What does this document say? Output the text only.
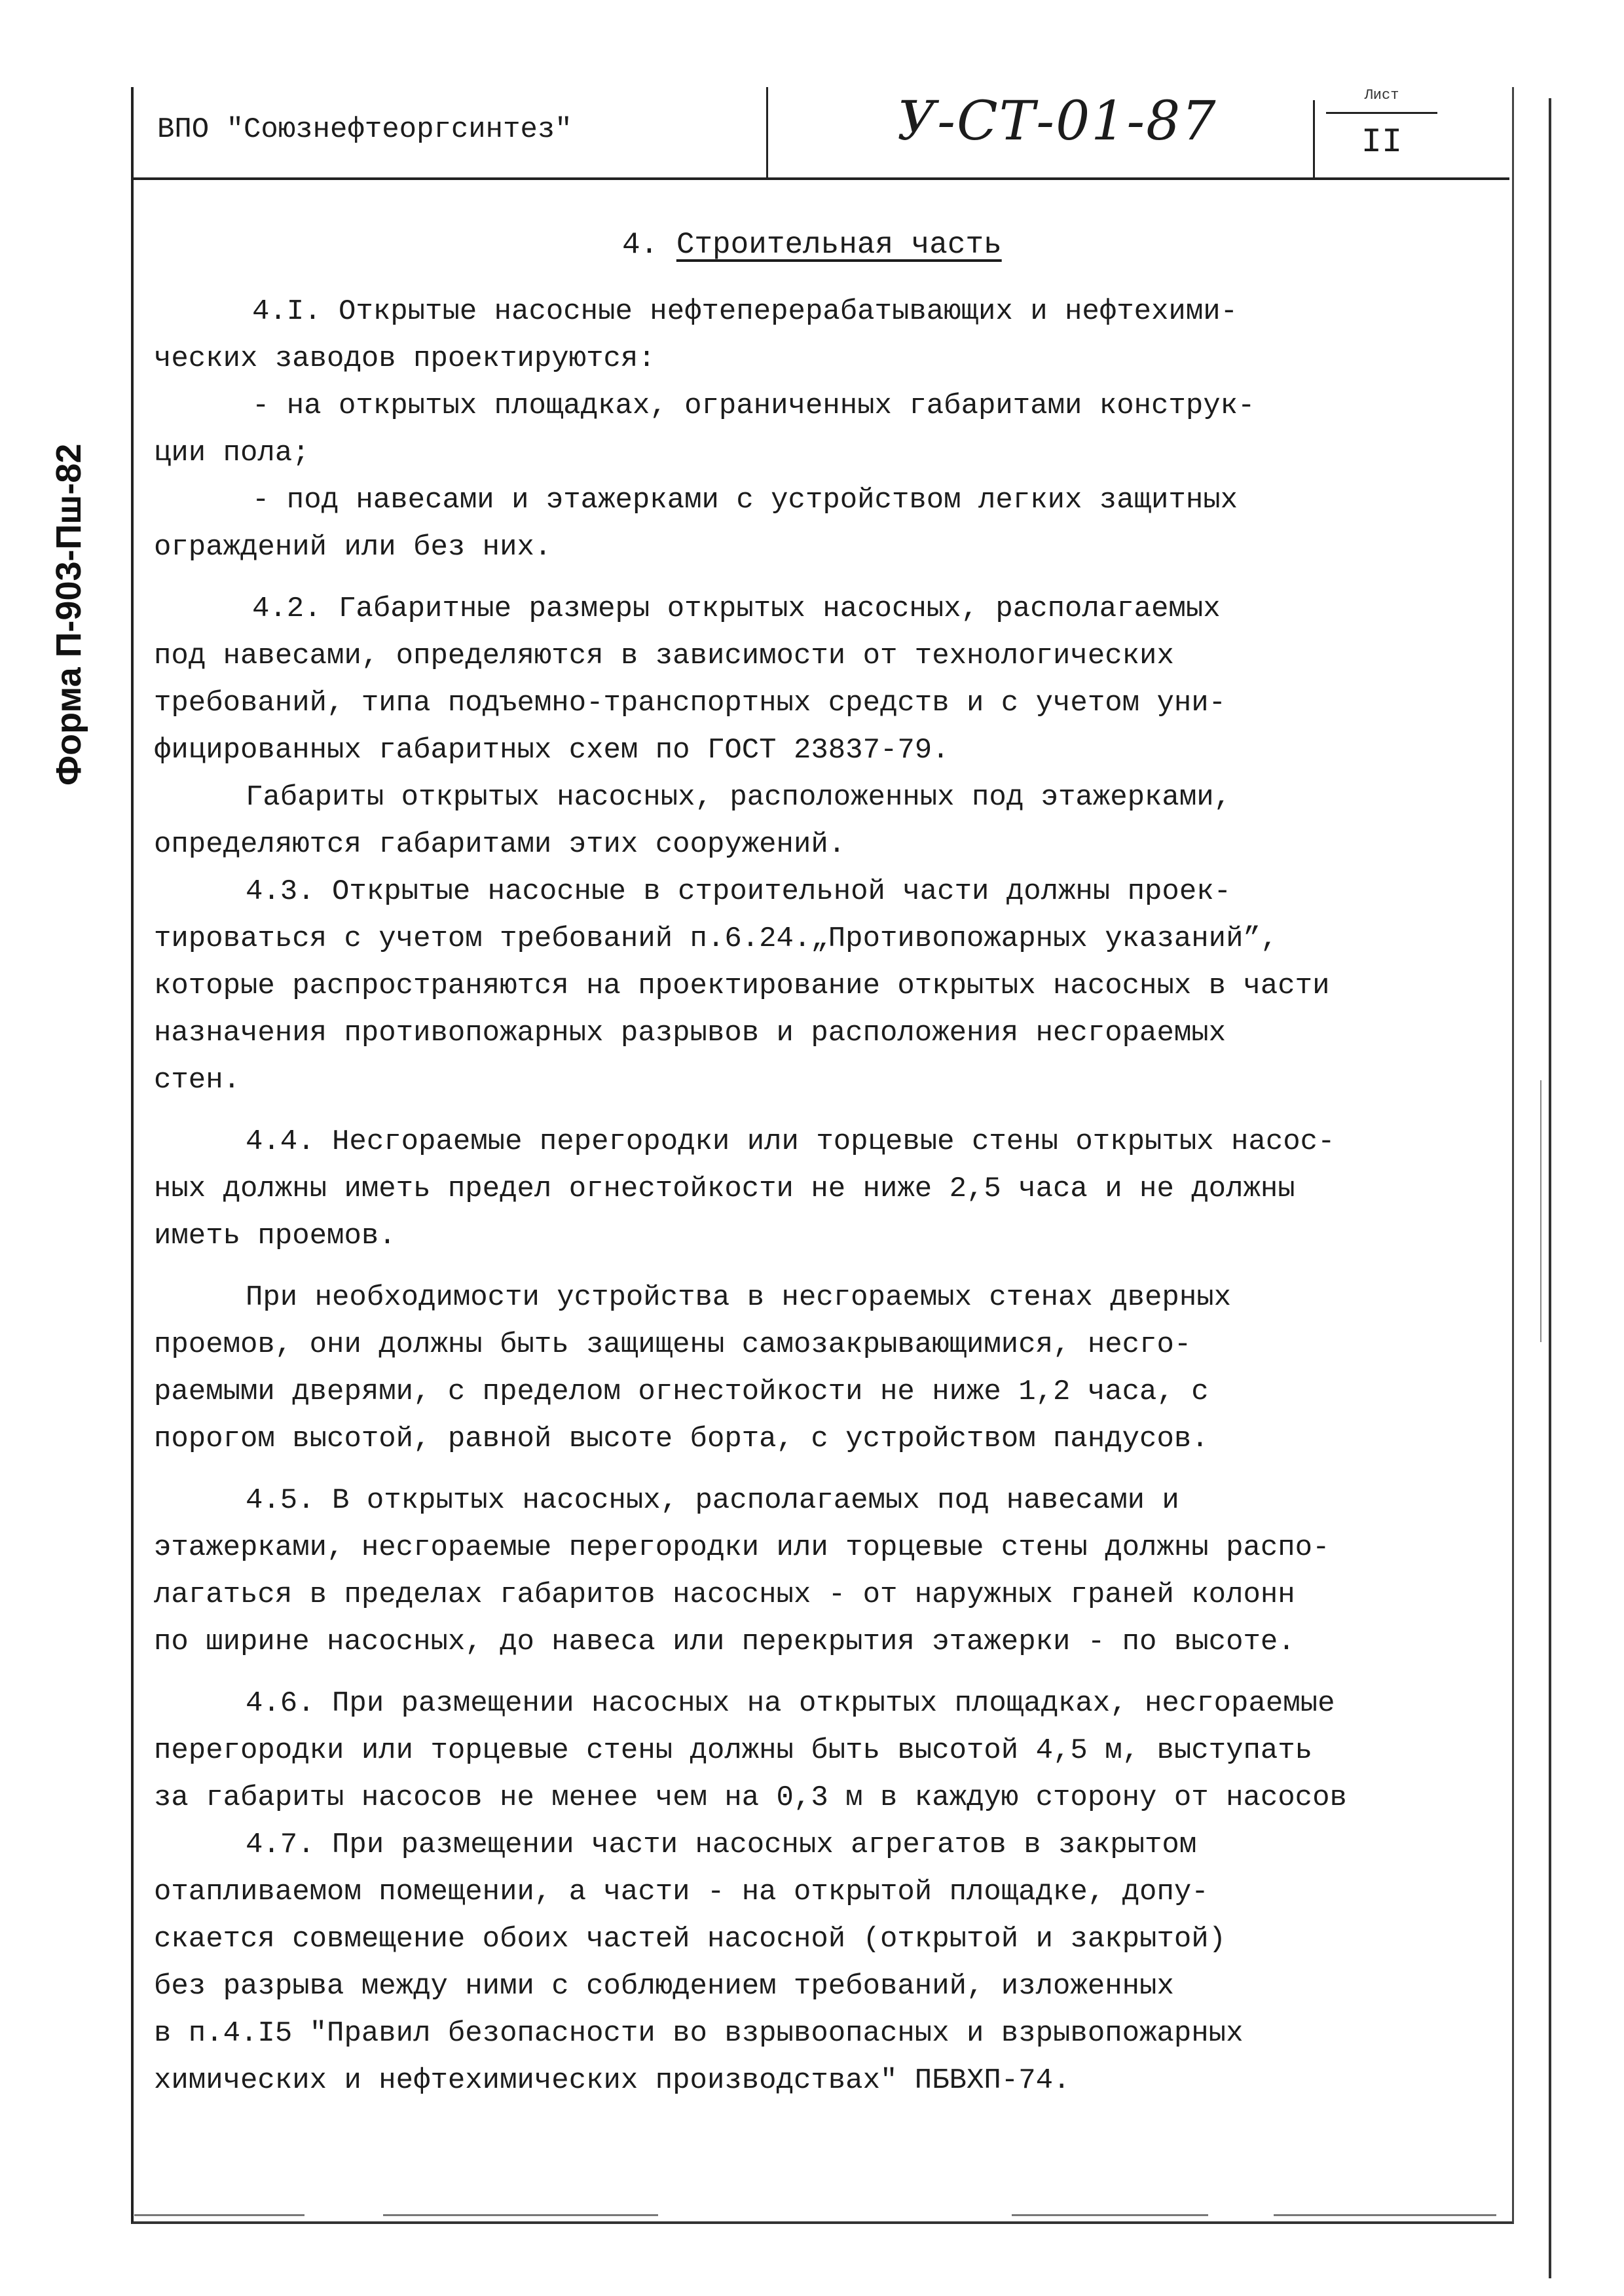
Форма П-903-Пш-82
ВПО "Союзнефтеоргсинтез"	У-СТ-01-87	Лист
II
4. Строительная часть
4.I. Открытые насосные нефтеперерабатывающих и нефтехими-
ческих заводов проектируются:
- на открытых площадках, ограниченных габаритами конструк-
ции пола;
- под навесами и этажерками с устройством легких защитных
ограждений или без них.
4.2. Габаритные размеры открытых насосных, располагаемых
под навесами, определяются в зависимости от технологических
требований, типа подъемно-транспортных средств и с учетом уни-
фицированных габаритных схем по ГОСТ 23837-79.
Габариты открытых насосных, расположенных под этажерками,
определяются габаритами этих сооружений.
4.3. Открытые насосные в строительной части должны проек-
тироваться с учетом требований п.6.24.„Противопожарных указаний”,
которые распространяются на проектирование открытых насосных в части
назначения противопожарных разрывов и расположения несгораемых
стен.
4.4. Несгораемые перегородки или торцевые стены открытых насос-
ных должны иметь предел огнестойкости не ниже 2,5 часа и не должны
иметь проемов.
При необходимости устройства в несгораемых стенах дверных
проемов, они должны быть защищены самозакрывающимися, несго-
раемыми дверями, с пределом огнестойкости не ниже 1,2 часа, с
порогом высотой, равной высоте борта, с устройством пандусов.
4.5. В открытых насосных, располагаемых под навесами и
этажерками, несгораемые перегородки или торцевые стены должны распо-
лагаться в пределах габаритов насосных - от наружных граней колонн
по ширине насосных, до навеса или перекрытия этажерки - по высоте.
4.6. При размещении насосных на открытых площадках, несгораемые
перегородки или торцевые стены должны быть высотой 4,5 м, выступать
за габариты насосов не менее чем на 0,3 м в каждую сторону от насосов
4.7. При размещении части насосных агрегатов в закрытом
отапливаемом помещении, а части - на открытой площадке, допу-
скается совмещение обоих частей насосной (открытой и закрытой)
без разрыва между ними с соблюдением требований, изложенных
в п.4.I5 "Правил безопасности во взрывоопасных и взрывопожарных
химических и нефтехимических производствах" ПБВХП-74.
